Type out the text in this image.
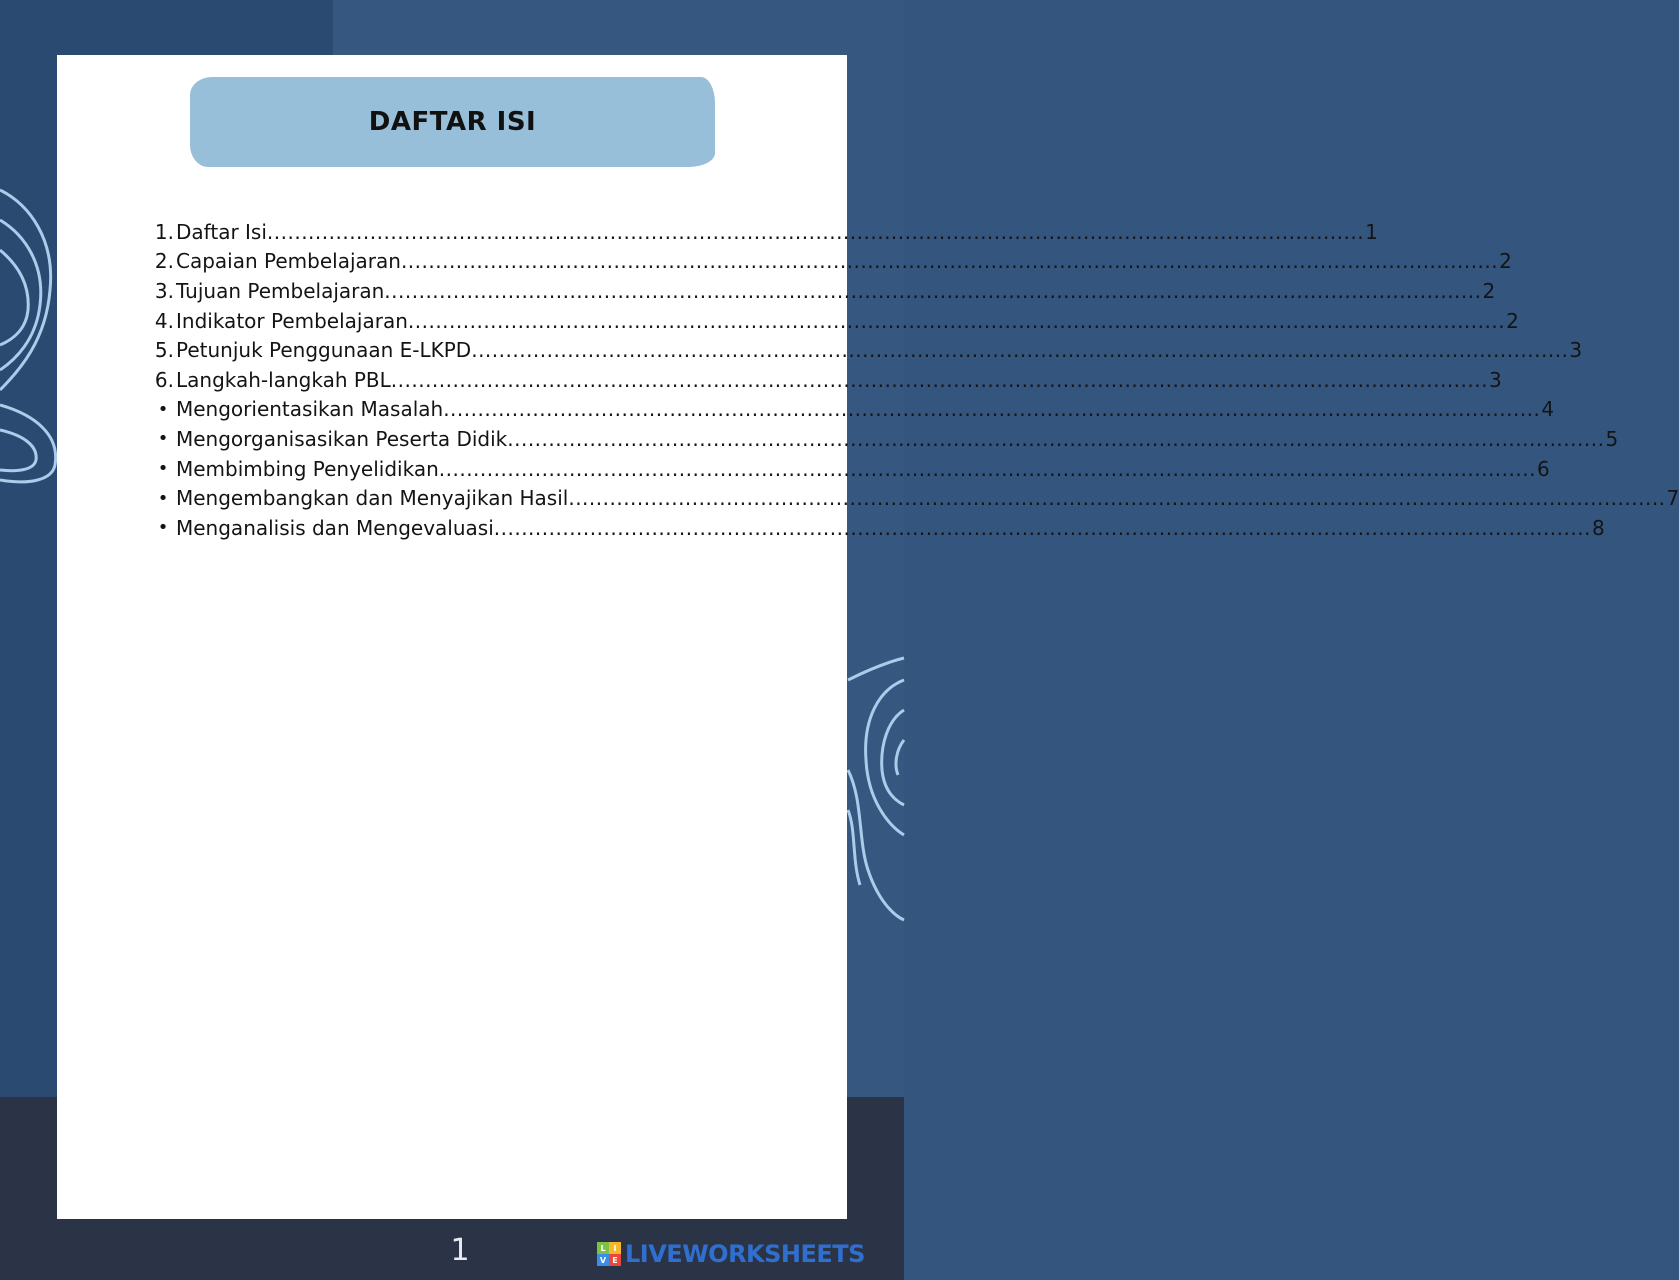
DAFTAR ISI
1. Daftar Isi ................................................................................................................................................................ 1
2. Capaian Pembelajaran ................................................................................................................................................................ 2
3. Tujuan Pembelajaran ................................................................................................................................................................ 2
4. Indikator Pembelajaran ................................................................................................................................................................ 2
5. Petunjuk Penggunaan E-LKPD ................................................................................................................................................................ 3
6. Langkah-langkah PBL ................................................................................................................................................................ 3
• Mengorientasikan Masalah ................................................................................................................................................................ 4
• Mengorganisasikan Peserta Didik ................................................................................................................................................................ 5
• Membimbing Penyelidikan ................................................................................................................................................................ 6
• Mengembangkan dan Menyajikan Hasil ................................................................................................................................................................ 7
• Menganalisis dan Mengevaluasi ................................................................................................................................................................ 8
1	L I
V E LIVEWORKSHEETS
